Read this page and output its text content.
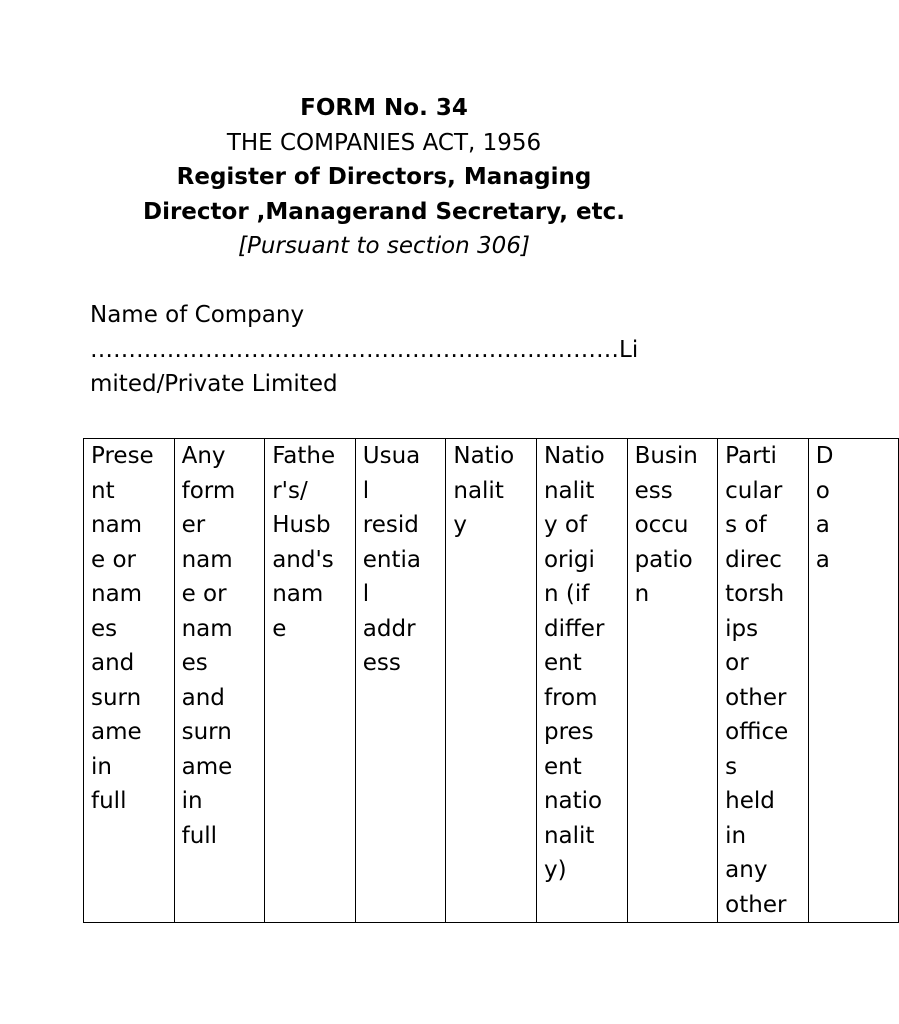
FORM No. 34
THE COMPANIES ACT, 1956
Register of Directors, Managing
Director ,Managerand Secretary, etc.
[Pursuant to section 306]
Name of Company
……………………………………………………………Li
mited/Private Limited
Prese
nt
nam
e or
nam
es
and
surn
ame
in
full

Any
form
er
nam
e or
nam
es
and
surn
ame
in
full

Fathe
r's/
Husb
and's
nam
e

Usua
l
resid
entia
l
addr
ess

Natio
nalit
y

Natio
nalit
y of
origi
n (if
differ
ent
from
pres
ent
natio
nalit
y)

Busin
ess
occu
patio
n

Parti
cular
s of
direc
torsh
ips
or
other
office
s
held
in
any
other

D
o
a
a
